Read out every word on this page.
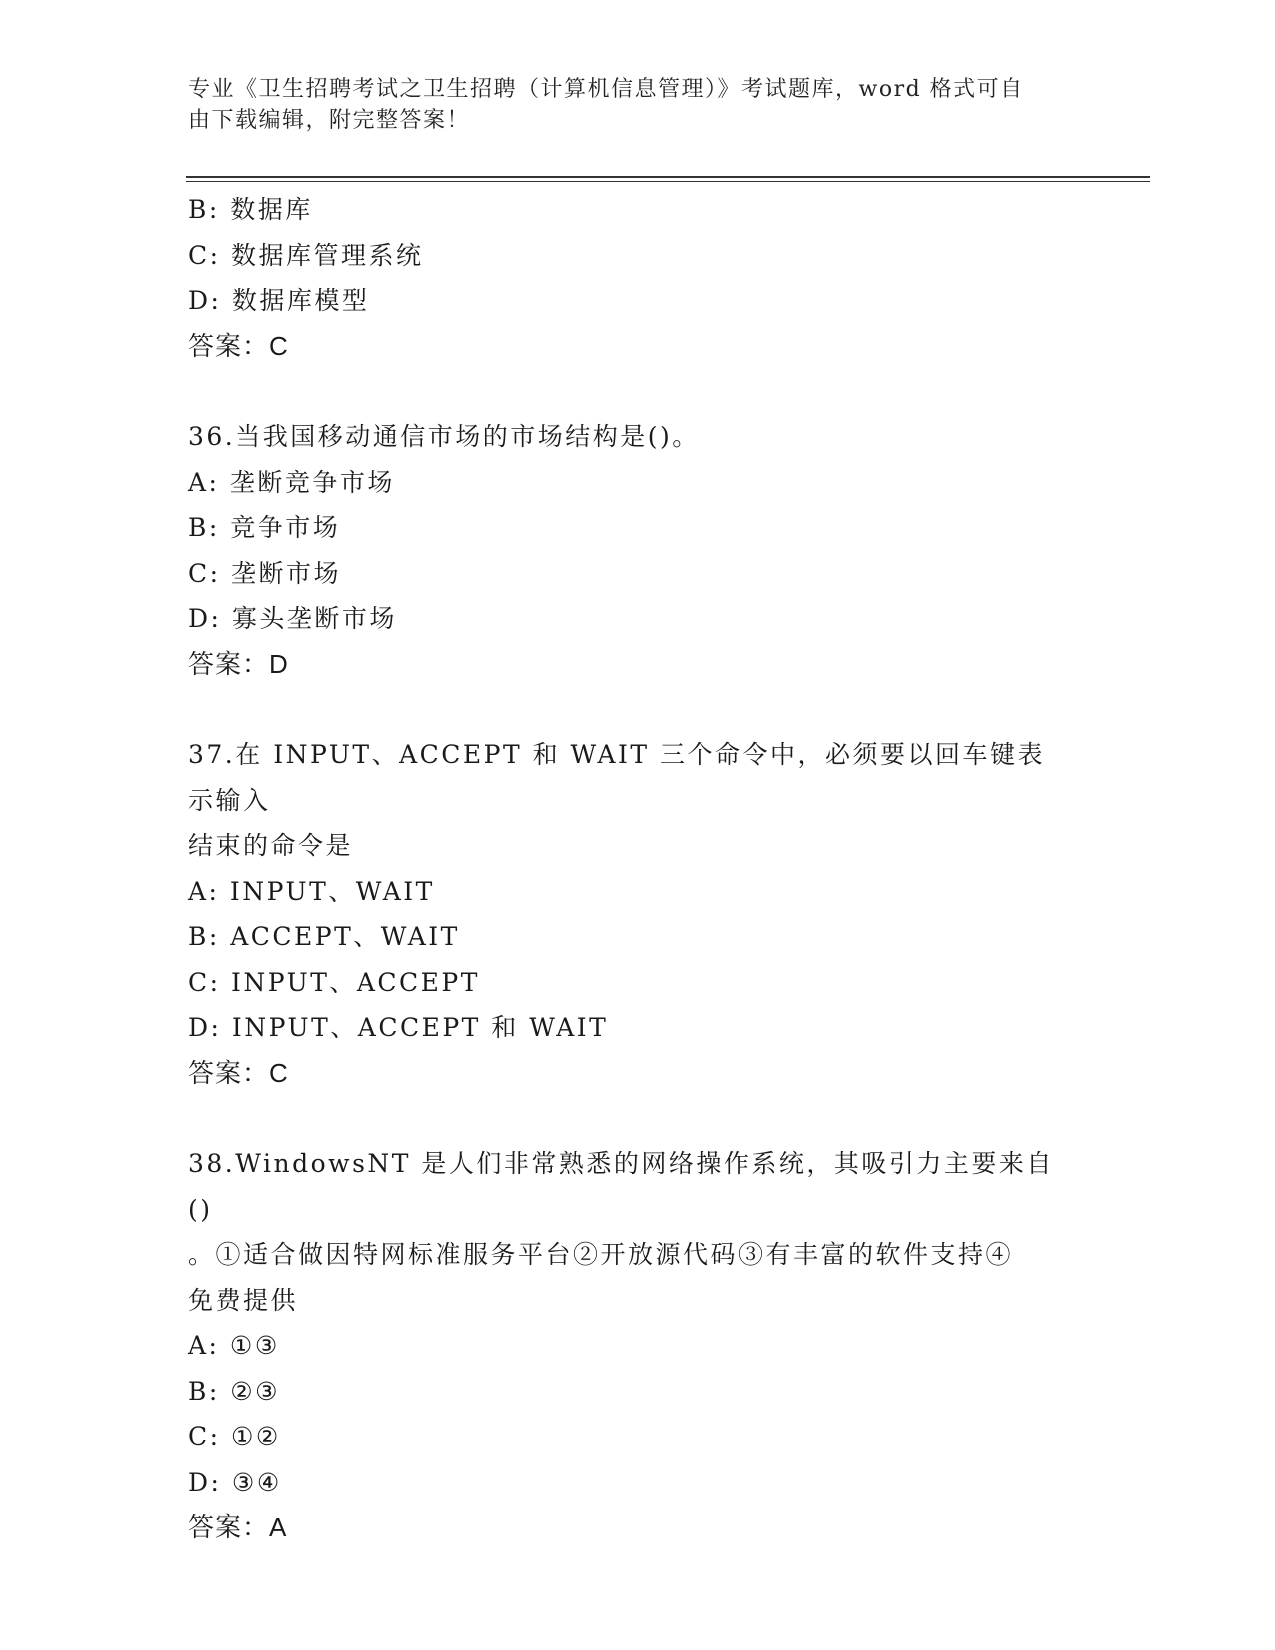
专业《卫生招聘考试之卫生招聘（计算机信息管理）》考试题库，word 格式可自
由下载编辑，附完整答案！
B: 数据库
C: 数据库管理系统
D: 数据库模型
答案：C
36.当我国移动通信市场的市场结构是()。
A: 垄断竞争市场
B: 竞争市场
C: 垄断市场
D: 寡头垄断市场
答案：D
37.在 INPUT、ACCEPT 和 WAIT 三个命令中，必须要以回车键表示输入
结束的命令是
A: INPUT、WAIT
B: ACCEPT、WAIT
C: INPUT、ACCEPT
D: INPUT、ACCEPT 和 WAIT
答案：C
38.WindowsNT 是人们非常熟悉的网络操作系统，其吸引力主要来自()
。①适合做因特网标准服务平台②开放源代码③有丰富的软件支持④
免费提供
A: ①③
B: ②③
C: ①②
D: ③④
答案：A
